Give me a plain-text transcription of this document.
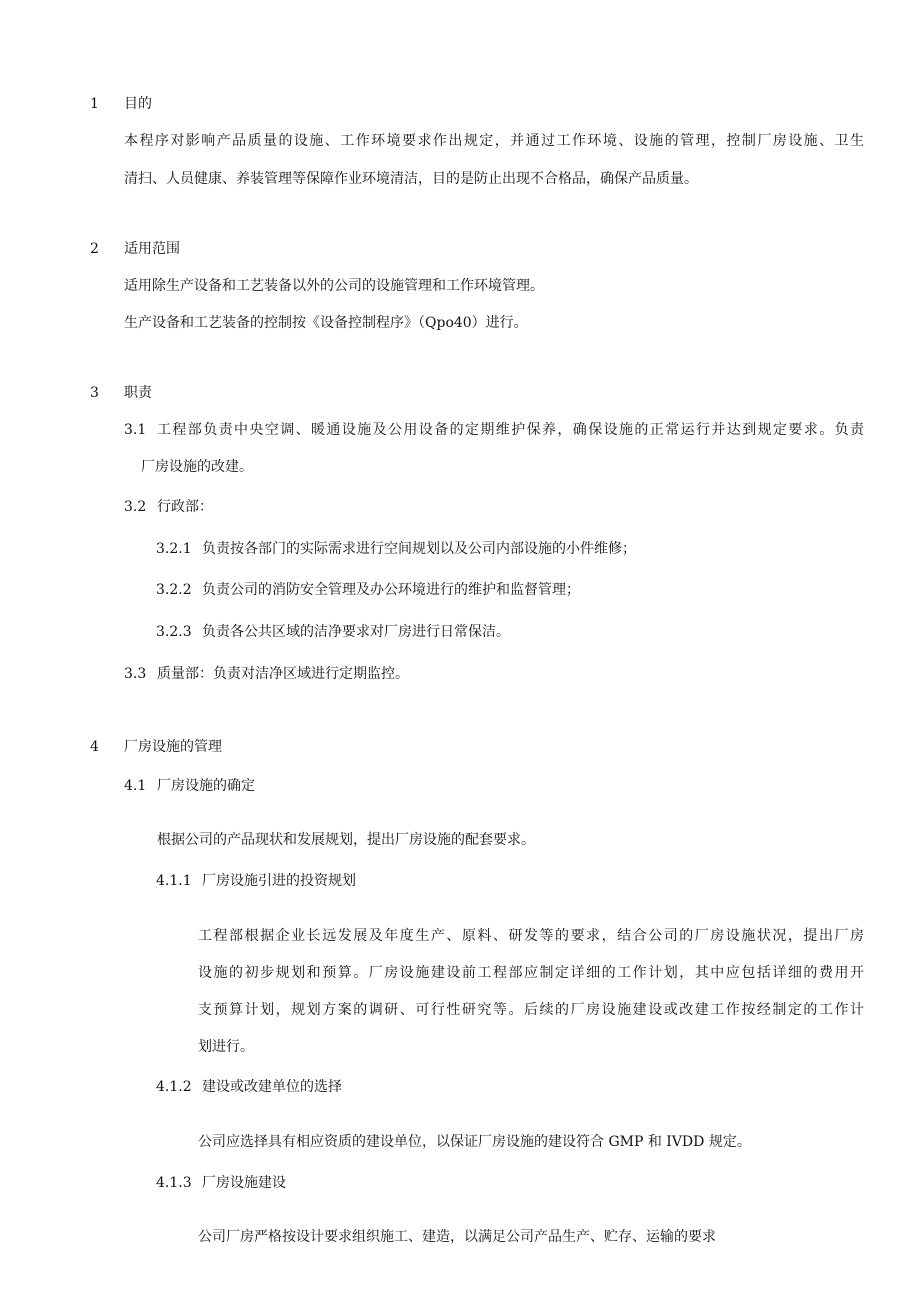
1 目的
本程序对影响产品质量的设施、工作环境要求作出规定，并通过工作环境、设施的管理，控制厂房设施、卫生
清扫、人员健康、养装管理等保障作业环境清洁，目的是防止出现不合格品，确保产品质量。
2 适用范围
适用除生产设备和工艺装备以外的公司的设施管理和工作环境管理。
生产设备和工艺装备的控制按《设备控制程序》（Qpo40）进行。
3 职责
3.1 工程部负责中央空调、暖通设施及公用设备的定期维护保养，确保设施的正常运行并达到规定要求。负责
厂房设施的改建。
3.2 行政部：
3.2.1 负责按各部门的实际需求进行空间规划以及公司内部设施的小件维修；
3.2.2 负责公司的消防安全管理及办公环境进行的维护和监督管理；
3.2.3 负责各公共区域的洁净要求对厂房进行日常保洁。
3.3 质量部：负责对洁净区域进行定期监控。
4 厂房设施的管理
4.1 厂房设施的确定
根据公司的产品现状和发展规划，提出厂房设施的配套要求。
4.1.1 厂房设施引进的投资规划
工程部根据企业长远发展及年度生产、原料、研发等的要求，结合公司的厂房设施状况，提出厂房
设施的初步规划和预算。厂房设施建设前工程部应制定详细的工作计划，其中应包括详细的费用开
支预算计划，规划方案的调研、可行性研究等。后续的厂房设施建设或改建工作按经制定的工作计
划进行。
4.1.2 建设或改建单位的选择
公司应选择具有相应资质的建设单位，以保证厂房设施的建设符合 GMP 和 IVDD 规定。
4.1.3 厂房设施建设
公司厂房严格按设计要求组织施工、建造，以满足公司产品生产、贮存、运输的要求
